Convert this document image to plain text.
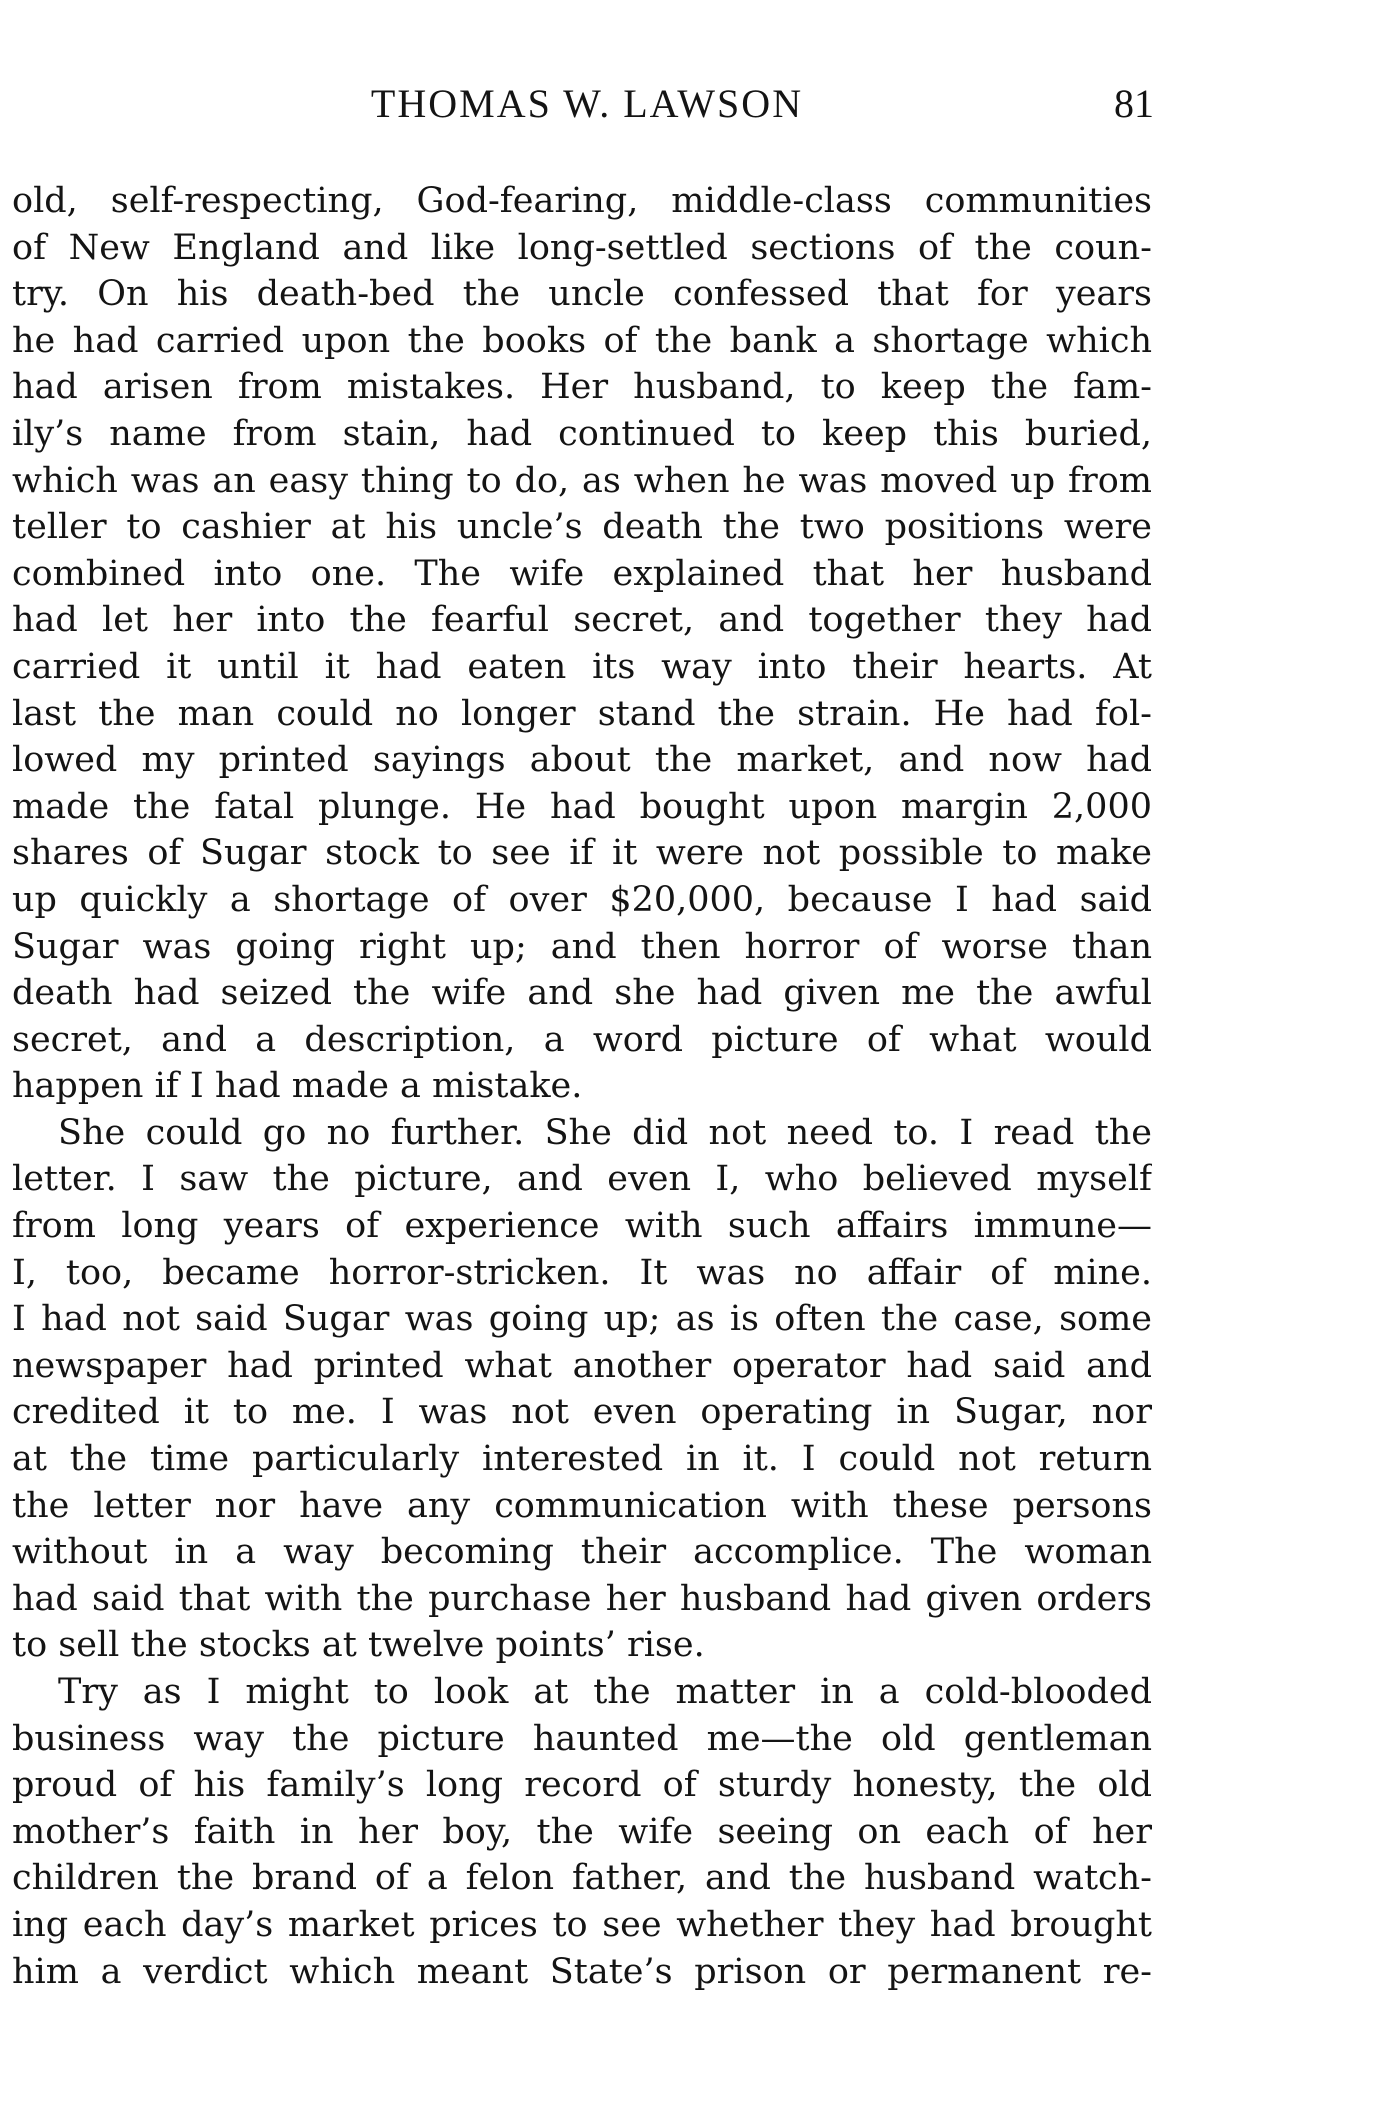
THOMAS W. LAWSON	81
old, self-respecting, God-fearing, middle-class communities
of New England and like long-settled sections of the coun-
try. On his death-bed the uncle confessed that for years
he had carried upon the books of the bank a shortage which
had arisen from mistakes. Her husband, to keep the fam-
ily’s name from stain, had continued to keep this buried,
which was an easy thing to do, as when he was moved up from
teller to cashier at his uncle’s death the two positions were
combined into one. The wife explained that her husband
had let her into the fearful secret, and together they had
carried it until it had eaten its way into their hearts. At
last the man could no longer stand the strain. He had fol-
lowed my printed sayings about the market, and now had
made the fatal plunge. He had bought upon margin 2,000
shares of Sugar stock to see if it were not possible to make
up quickly a shortage of over $20,000, because I had said
Sugar was going right up; and then horror of worse than
death had seized the wife and she had given me the awful
secret, and a description, a word picture of what would
happen if I had made a mistake.
She could go no further. She did not need to. I read the
letter. I saw the picture, and even I, who believed myself
from long years of experience with such affairs immune—
I, too, became horror-stricken. It was no affair of mine.
I had not said Sugar was going up; as is often the case, some
newspaper had printed what another operator had said and
credited it to me. I was not even operating in Sugar, nor
at the time particularly interested in it. I could not return
the letter nor have any communication with these persons
without in a way becoming their accomplice. The woman
had said that with the purchase her husband had given orders
to sell the stocks at twelve points’ rise.
Try as I might to look at the matter in a cold-blooded
business way the picture haunted me—the old gentleman
proud of his family’s long record of sturdy honesty, the old
mother’s faith in her boy, the wife seeing on each of her
children the brand of a felon father, and the husband watch-
ing each day’s market prices to see whether they had brought
him a verdict which meant State’s prison or permanent re-
